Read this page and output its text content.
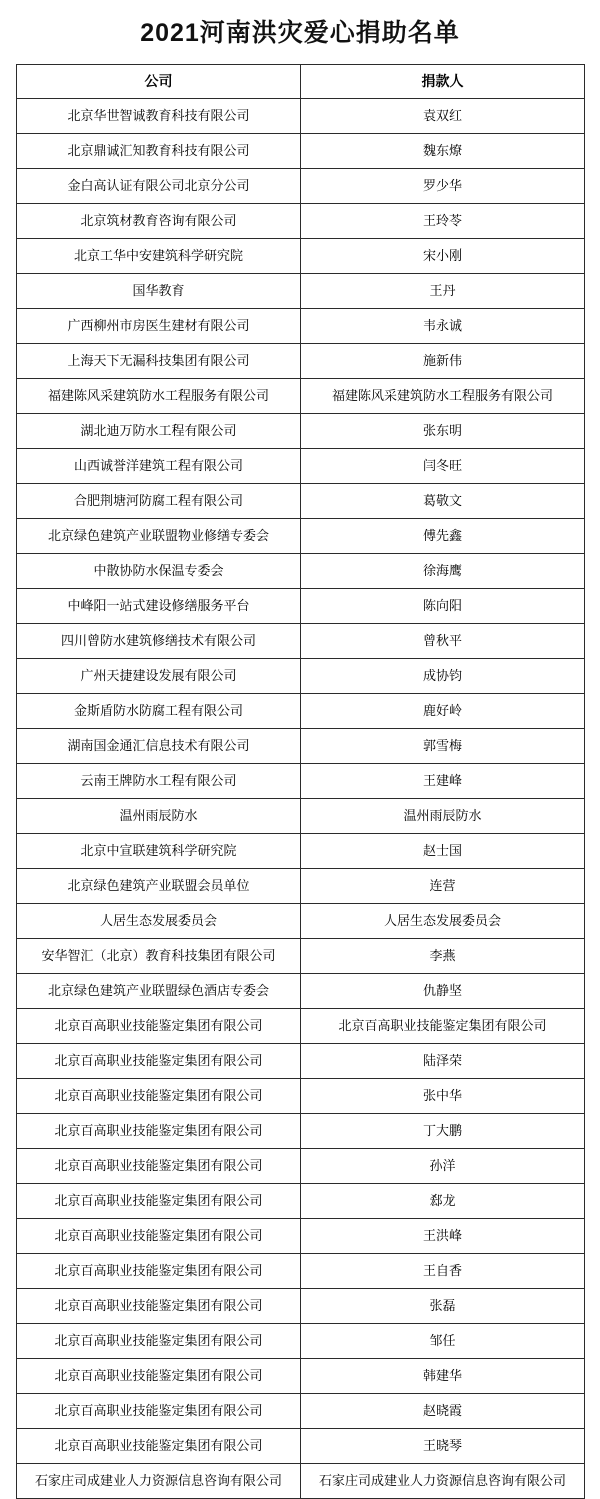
2021河南洪灾爱心捐助名单
公司	捐款人
北京华世智诚教育科技有限公司	袁双红
北京鼎诚汇知教育科技有限公司	魏东燎
金白高认证有限公司北京分公司	罗少华
北京筑材教育咨询有限公司	王玲苓
北京工华中安建筑科学研究院	宋小刚
国华教育	王丹
广西柳州市房医生建材有限公司	韦永诚
上海天下无漏科技集团有限公司	施新伟
福建陈风采建筑防水工程服务有限公司	福建陈风采建筑防水工程服务有限公司
湖北迪万防水工程有限公司	张东明
山西诚誉洋建筑工程有限公司	闫冬旺
合肥荆塘河防腐工程有限公司	葛敬文
北京绿色建筑产业联盟物业修缮专委会	傅先鑫
中散协防水保温专委会	徐海鹰
中峰阳一站式建设修缮服务平台	陈向阳
四川曾防水建筑修缮技术有限公司	曾秋平
广州天捷建设发展有限公司	成协钧
金斯盾防水防腐工程有限公司	鹿好岭
湖南国金通汇信息技术有限公司	郭雪梅
云南王牌防水工程有限公司	王建峰
温州雨辰防水	温州雨辰防水
北京中宣联建筑科学研究院	赵士国
北京绿色建筑产业联盟会员单位	连营
人居生态发展委员会	人居生态发展委员会
安华智汇（北京）教育科技集团有限公司	李燕
北京绿色建筑产业联盟绿色酒店专委会	仇静坚
北京百高职业技能鉴定集团有限公司	北京百高职业技能鉴定集团有限公司
北京百高职业技能鉴定集团有限公司	陆泽荣
北京百高职业技能鉴定集团有限公司	张中华
北京百高职业技能鉴定集团有限公司	丁大鹏
北京百高职业技能鉴定集团有限公司	孙洋
北京百高职业技能鉴定集团有限公司	郄龙
北京百高职业技能鉴定集团有限公司	王洪峰
北京百高职业技能鉴定集团有限公司	王自香
北京百高职业技能鉴定集团有限公司	张磊
北京百高职业技能鉴定集团有限公司	邹任
北京百高职业技能鉴定集团有限公司	韩建华
北京百高职业技能鉴定集团有限公司	赵晓霞
北京百高职业技能鉴定集团有限公司	王晓琴
石家庄司成建业人力资源信息咨询有限公司	石家庄司成建业人力资源信息咨询有限公司
